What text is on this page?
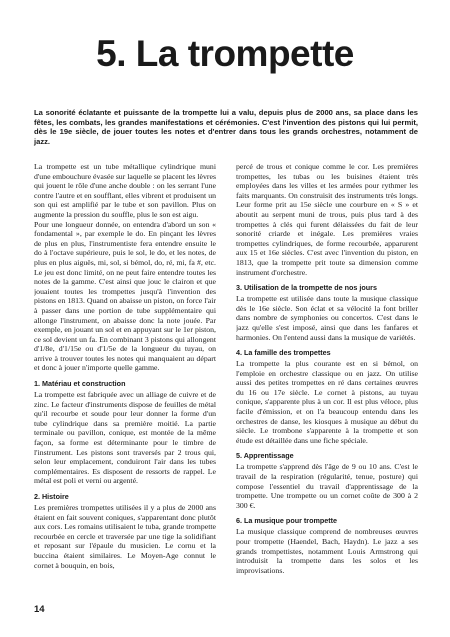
5. La trompette

La sonorité éclatante et puissante de la trompette lui a valu, depuis plus de 2000 ans, sa place dans les fêtes, les combats, les grandes manifestations et cérémonies. C'est l'invention des pistons qui lui permit, dès le 19e siècle, de jouer toutes les notes et d'entrer dans tous les grands orchestres, notamment de jazz.

La trompette est un tube métallique cylindrique muni d'une embouchure évasée sur laquelle se placent les lèvres qui jouent le rôle d'une anche double : on les serrant l'une contre l'autre et en soufflant, elles vibrent et produisent un son qui est amplifié par le tube et son pavillon. Plus on augmente la pression du souffle, plus le son est aigu.

Pour une longueur donnée, on entendra d'abord un son « fondamental », par exemple le do. En pinçant les lèvres de plus en plus, l'instrumentiste fera entendre ensuite le do à l'octave supérieure, puis le sol, le do, et les notes, de plus en plus aiguës, mi, sol, si bémol, do, ré, mi, fa #, etc. Le jeu est donc limité, on ne peut faire entendre toutes les notes de la gamme. C'est ainsi que jouc le clairon et que jouaient toutes les trompettes jusqu'à l'invention des pistons en 1813. Quand on abaisse un piston, on force l'air à passer dans une portion de tube supplémentaire qui allonge l'instrument, on abaisse donc la note jouée. Par exemple, en jouant un sol et en appuyant sur le 1er piston, ce sol devient un fa. En combinant 3 pistons qui allongent d'1/8e, d'1/15e ou d'1/5e de la longueur du tuyau, on arrive à trouver toutes les notes qui manquaient au départ et donc à jouer n'importe quelle gamme.

1. Matériau et construction

La trompette est fabriquée avec un alliage de cuivre et de zinc. Le facteur d'instruments dispose de feuilles de métal qu'il recourbe et soude pour leur donner la forme d'un tube cylindrique dans sa première moitié. La partie terminale ou pavillon, conique, est montée de la même façon, sa forme est déterminante pour le timbre de l'instrument. Les pistons sont traversés par 2 trous qui, selon leur emplacement, conduiront l'air dans les tubes complémentaires. Es disposent de ressorts de rappel. Le métal est poli et verni ou argenté.

2. Histoire

Les premières trompettes utilisées il y a plus de 2000 ans étaient en fait souvent coniques, s'apparentant donc plutôt aux cors. Les romains utilisaient le tuba, grande trompette recourbée en cercle et traversée par une tige la solidifiant et reposant sur l'épaule du musicien. Le cornu et la buccina étaient similaires. Le Moyen-Age connut le cornet à bouquin, en bois,

percé de trous et conique comme le cor. Les premières trompettes, les tubas ou les buisines étaient très employées dans les villes et les armées pour rythmer les faits marquants. On construisit des instruments très longs. Leur forme prit au 15e siècle une courbure en « S » et aboutit au serpent muni de trous, puis plus tard à des trompettes à clés qui furent délaissées du fait de leur sonorité criarde et inégale. Les premières vraies trompettes cylindriques, de forme recourbée, apparurent aux 15 et 16e siècles. C'est avec l'invention du piston, en 1813, que la trompette prit toute sa dimension comme instrument d'orchestre.

3. Utilisation de la trompette de nos jours

La trompette est utilisée dans toute la musique classique dès le 16e siècle. Son éclat et sa vélocité la font briller dans nombre de symphonies ou concertos. C'est dans le jazz qu'elle s'est imposé, ainsi que dans les fanfares et harmonies. On l'entend aussi dans la musique de variétés.

4. La famille des trompettes

La trompette la plus courante est en si bémol, on l'emploie en orchestre classique ou en jazz. On utilise aussi des petites trompettes en ré dans certaines œuvres du 16 ou 17e siècle. Le cornet à pistons, au tuyau conique, s'apparente plus à un cor. Il est plus véloce, plus facile d'émission, et on l'a beaucoup entendu dans les orchestres de danse, les kiosques à musique au début du siècle. Le trombone s'apparente à la trompette et son étude est détaillée dans une fiche spéciale.

5. Apprentissage

La trompette s'apprend dès l'âge de 9 ou 10 ans. C'est le travail de la respiration (régularité, tenue, posture) qui compose l'essentiel du travail d'apprentissage de la trompette. Une trompette ou un cornet coûte de 300 à 2 300 €.

6. La musique pour trompette

La musique classique comprend de nombreuses œuvres pour trompette (Haendel, Bach, Haydn). Le jazz a ses grands trompettistes, notamment Louis Armstrong qui introduisit la trompette dans les solos et les improvisations.

14
